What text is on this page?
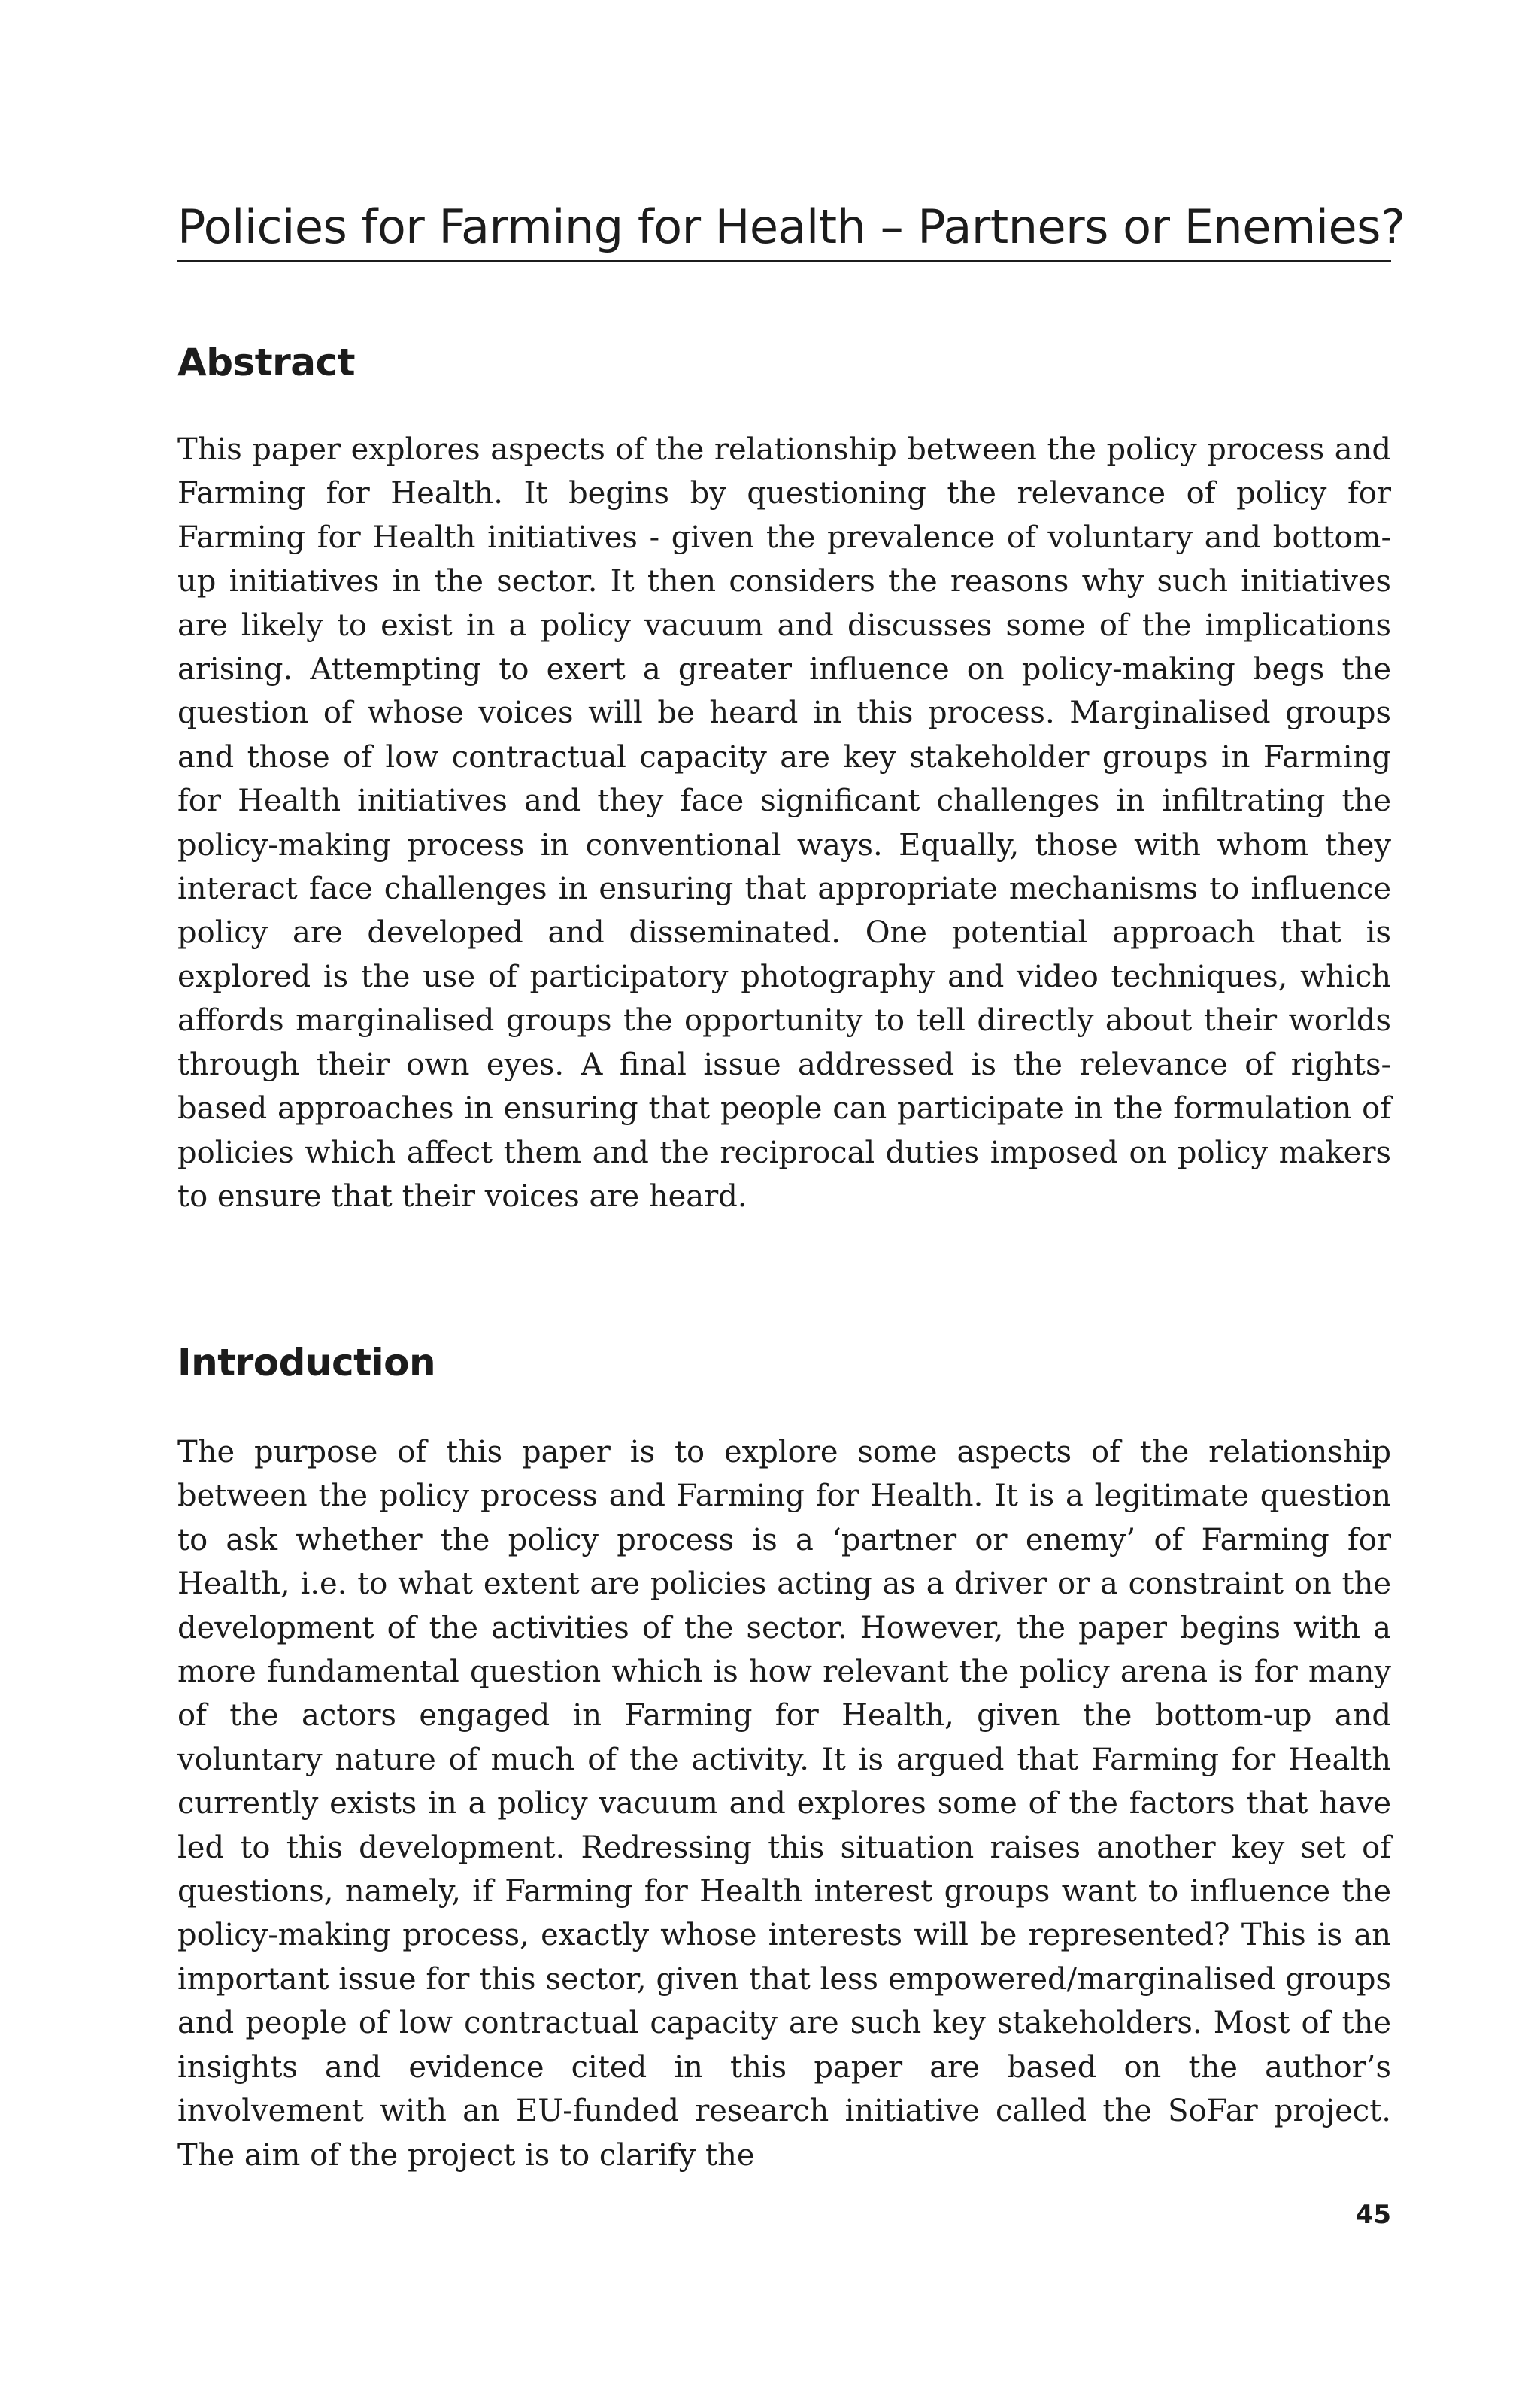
Policies for Farming for Health – Partners or Enemies?
Abstract

This paper explores aspects of the relationship between the policy process and Farming for Health. It begins by questioning the relevance of policy for Farming for Health initiatives - given the prevalence of voluntary and bottom-up initiatives in the sector. It then considers the reasons why such initiatives are likely to exist in a policy vacuum and discusses some of the implications arising. Attempting to exert a greater influence on policy-making begs the question of whose voices will be heard in this process. Marginalised groups and those of low contractual capacity are key stakeholder groups in Farming for Health initiatives and they face significant challenges in infiltrating the policy-making process in conventional ways. Equally, those with whom they interact face challenges in ensuring that appropriate mechanisms to influence policy are developed and disseminated. One potential approach that is explored is the use of participatory photography and video techniques, which affords marginalised groups the opportunity to tell directly about their worlds through their own eyes. A final issue addressed is the relevance of rights-based approaches in ensuring that people can participate in the formulation of policies which affect them and the reciprocal duties imposed on policy makers to ensure that their voices are heard.

Introduction

The purpose of this paper is to explore some aspects of the relationship between the policy process and Farming for Health. It is a legitimate question to ask whether the policy process is a ‘partner or enemy’ of Farming for Health, i.e. to what extent are policies acting as a driver or a constraint on the development of the activities of the sector. However, the paper begins with a more fundamental question which is how relevant the policy arena is for many of the actors engaged in Farming for Health, given the bottom-up and voluntary nature of much of the activity. It is argued that Farming for Health currently exists in a policy vacuum and explores some of the factors that have led to this development. Redressing this situation raises another key set of questions, namely, if Farming for Health interest groups want to influence the policy-making process, exactly whose interests will be represented? This is an important issue for this sector, given that less empowered/marginalised groups and people of low contractual capacity are such key stakeholders. Most of the insights and evidence cited in this paper are based on the author’s involvement with an EU-funded research initiative called the SoFar project. The aim of the project is to clarify the

45
